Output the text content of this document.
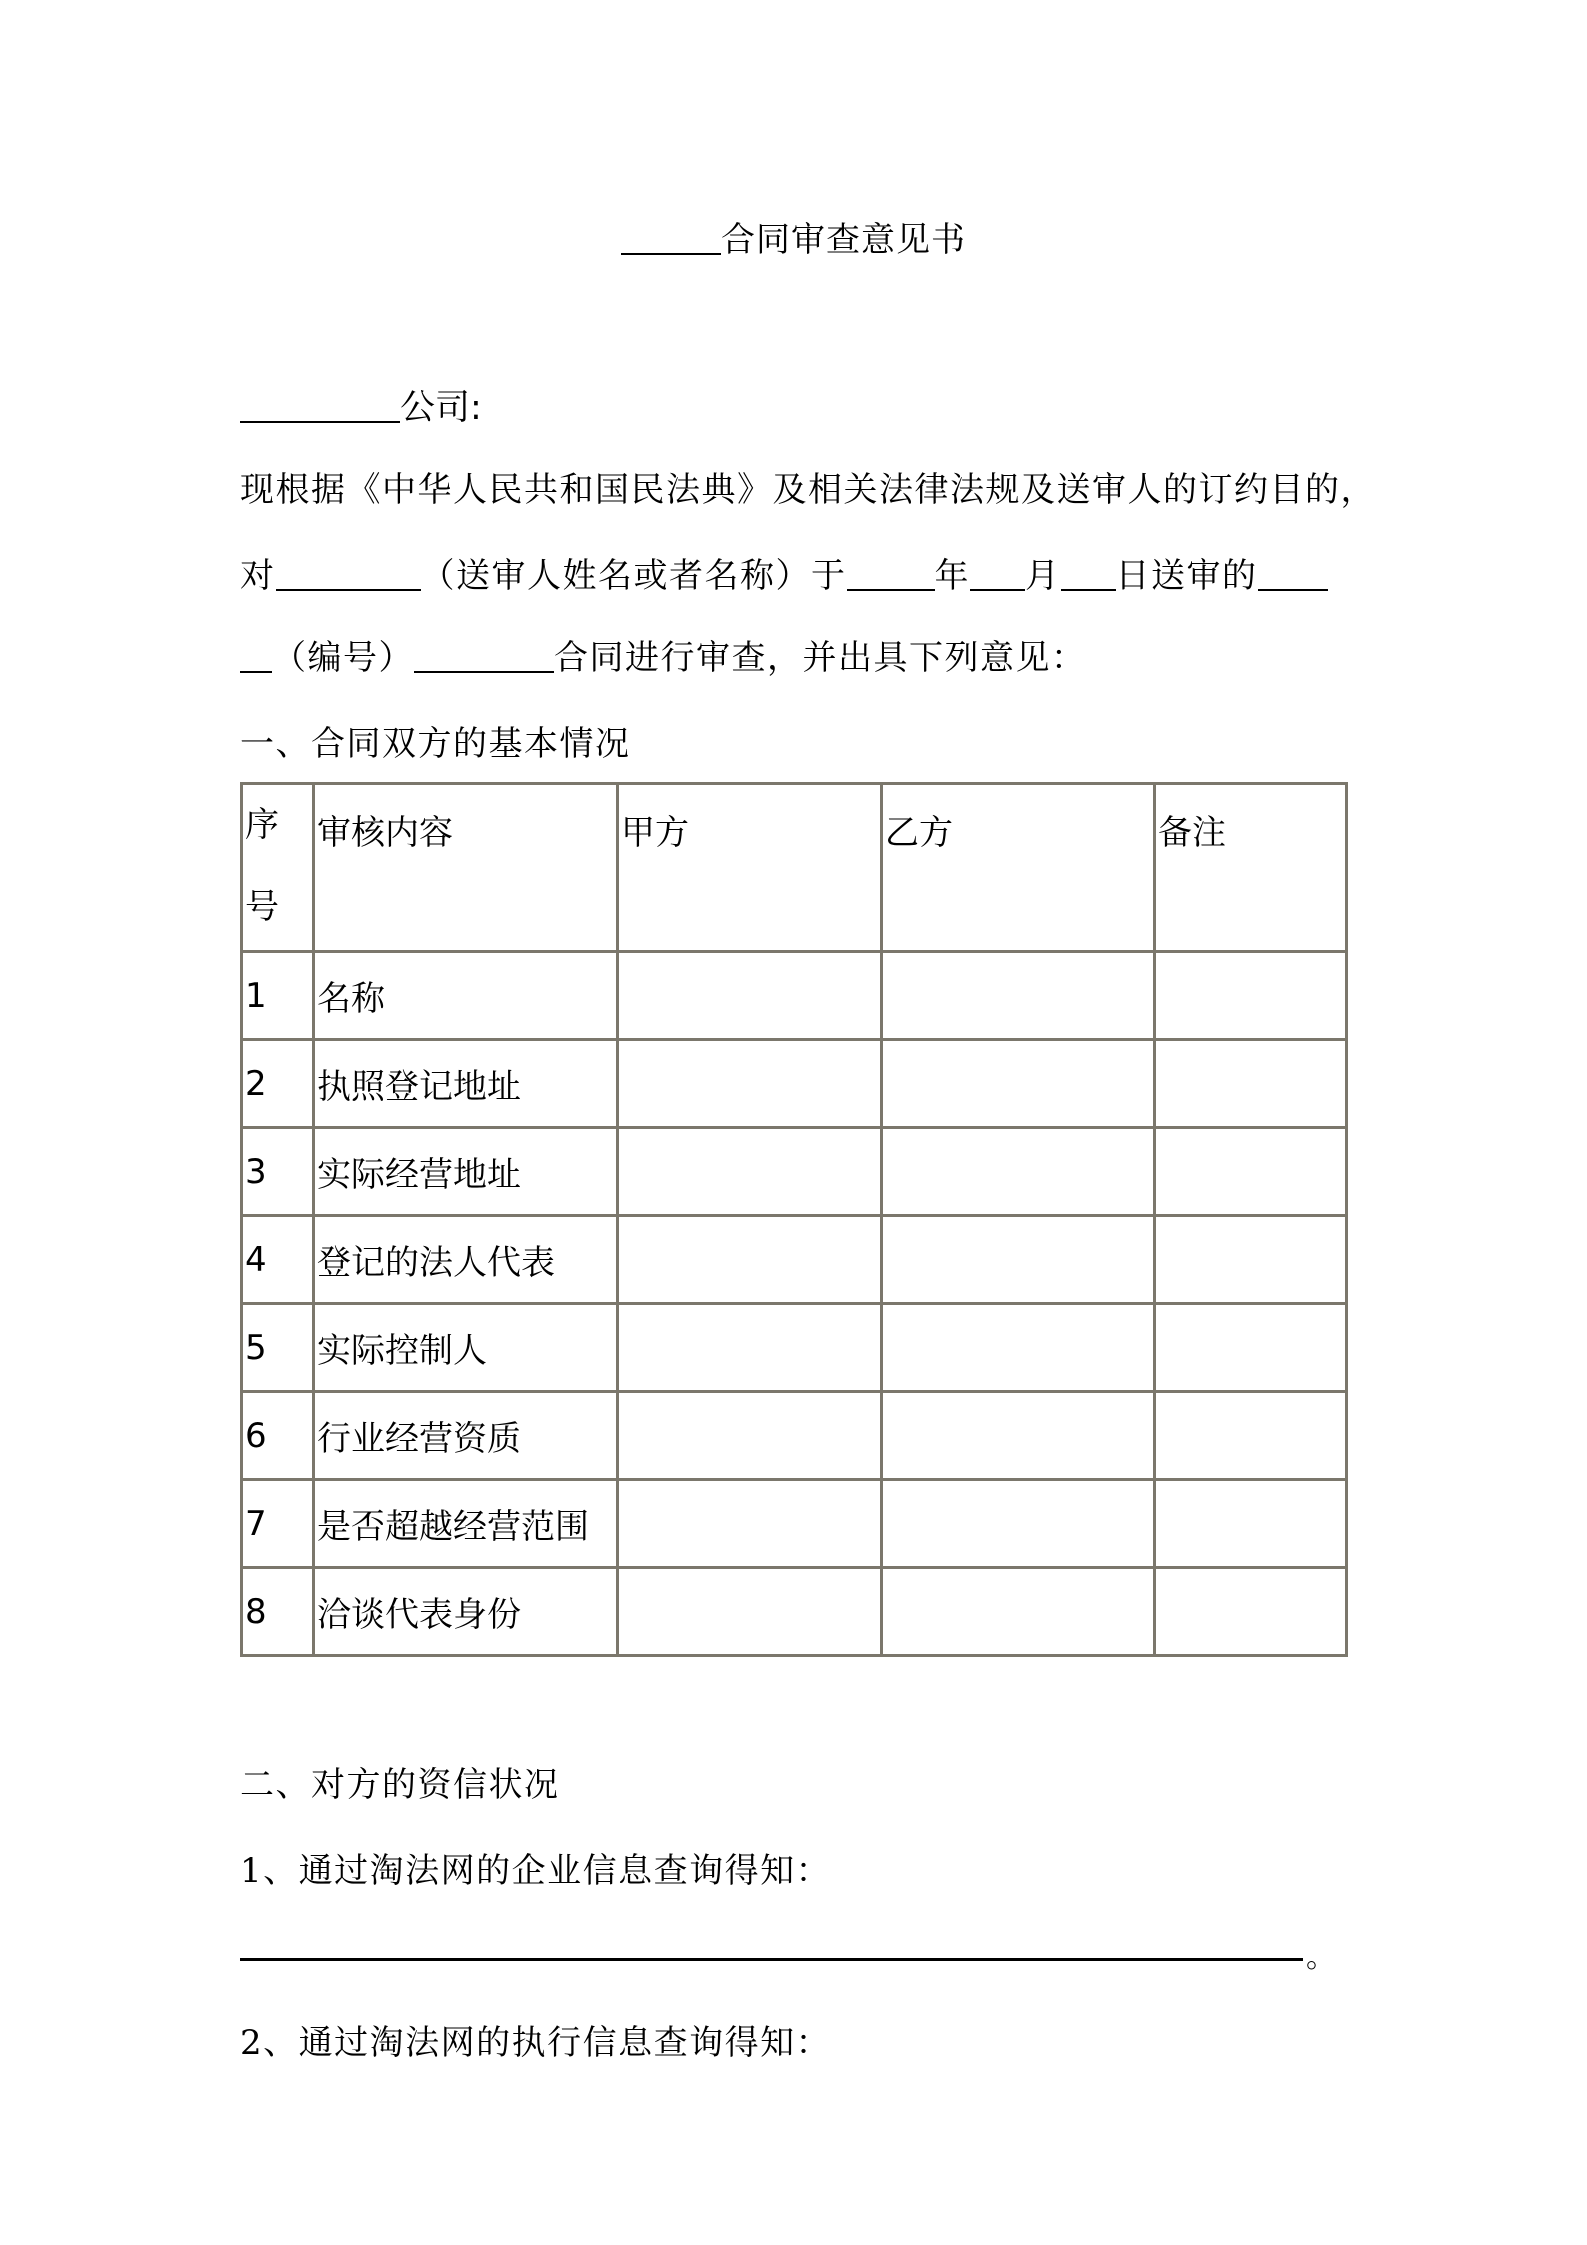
合同审查意见书
公司:
现根据《中华人民共和国民法典》及相关法律法规及送审人的订约目的，
对	（送审人姓名或者名称）于	年 月 日送审的
（编号）	合同进行审查，并出具下列意见：
一、合同双方的基本情况
序
号	审核内容	甲方	乙方	备注
1	名称			
2	执照登记地址			
3	实际经营地址			
4	登记的法人代表			
5	实际控制人			
6	行业经营资质			
7	是否超越经营范围			
8	洽谈代表身份			
二、对方的资信状况
1、通过淘法网的企业信息查询得知：
。
2、通过淘法网的执行信息查询得知：
